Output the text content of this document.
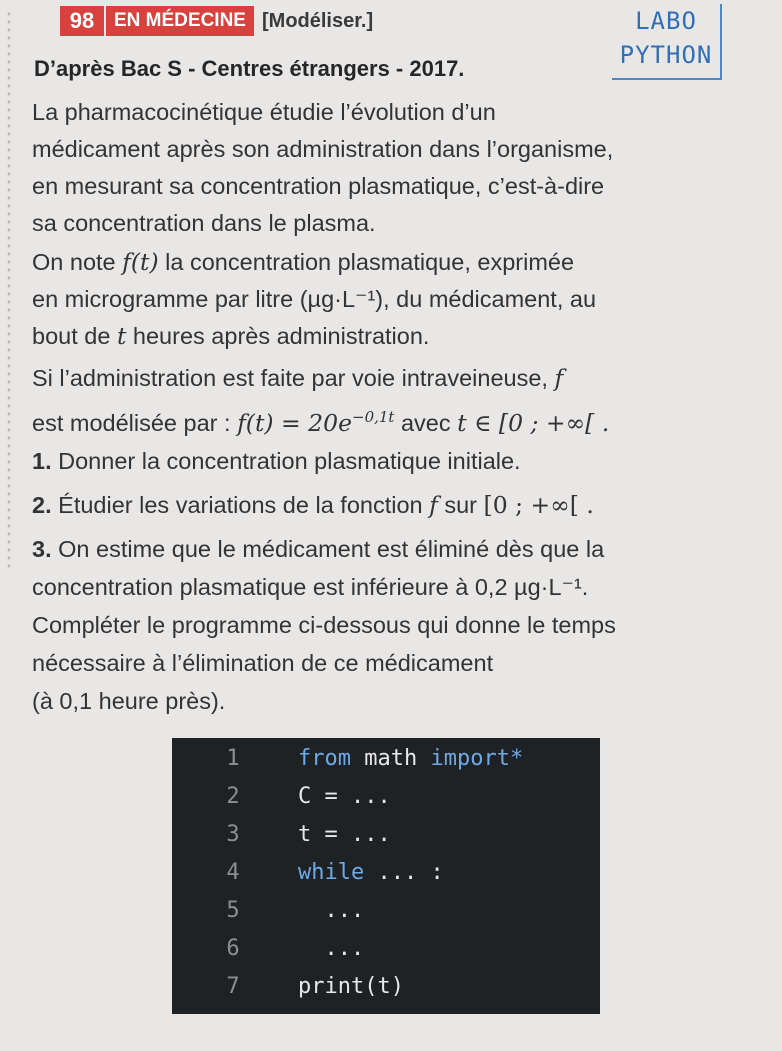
98	EN MÉDECINE [Modéliser.]	LABO
PYTHON
D’après Bac S - Centres étrangers - 2017.
La pharmacocinétique étudie l’évolution d’un
médicament après son administration dans l’organisme,
en mesurant sa concentration plasmatique, c’est-à-dire
sa concentration dans le plasma.
On note f(t) la concentration plasmatique, exprimée
en microgramme par litre (µg·L⁻¹), du médicament, au
bout de t heures après administration.
Si l’administration est faite par voie intraveineuse, f
est modélisée par : $f(t) = 20e^{-0,1t}$ avec t ∈ [0 ; +∞[ .
1. Donner la concentration plasmatique initiale.
2. Étudier les variations de la fonction f sur [0 ; +∞[ .
3. On estime que le médicament est éliminé dès que la
concentration plasmatique est inférieure à 0,2 µg·L⁻¹.
Compléter le programme ci-dessous qui donne le temps
nécessaire à l’élimination de ce médicament
(à 0,1 heure près).
1	from math import*
2	C = ...
3	t = ...
4	while ... :
5	...
6	...
7	print(t)
